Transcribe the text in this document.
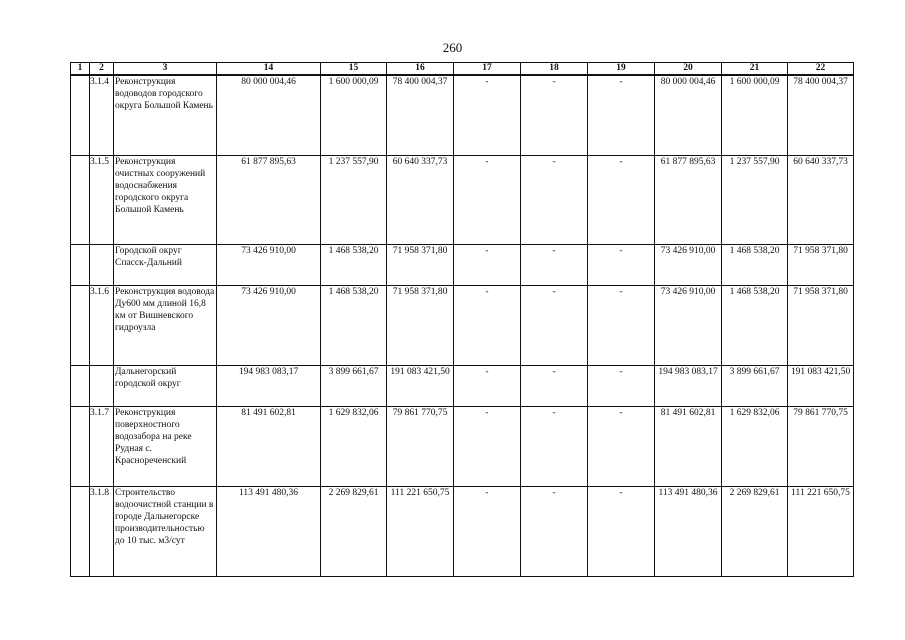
260
1	2	3	14	15	16	17	18	19	20	21	22
	3.1.4	Реконструкция водоводов городского округа Большой Камень	80 000 004,46	1 600 000,09	78 400 004,37	-	-	-	80 000 004,46	1 600 000,09	78 400 004,37
	3.1.5	Реконструкция очистных сооружений водоснабжения городского округа Большой Камень	61 877 895,63	1 237 557,90	60 640 337,73	-	-	-	61 877 895,63	1 237 557,90	60 640 337,73
		Городской округ Спасск-Дальний	73 426 910,00	1 468 538,20	71 958 371,80	-	-	-	73 426 910,00	1 468 538,20	71 958 371,80
	3.1.6	Реконструкция водовода Ду600 мм длиной 16,8 км от Вишневского гидроузла	73 426 910,00	1 468 538,20	71 958 371,80	-	-	-	73 426 910,00	1 468 538,20	71 958 371,80
		Дальнегорский городской округ	194 983 083,17	3 899 661,67	191 083 421,50	-	-	-	194 983 083,17	3 899 661,67	191 083 421,50
	3.1.7	Реконструкция поверхностного водозабора на реке Рудная с. Краснореченский	81 491 602,81	1 629 832,06	79 861 770,75	-	-	-	81 491 602,81	1 629 832,06	79 861 770,75
	3.1.8	Строительство водоочистной станции в городе Дальнегорске производительностью до 10 тыс. м3/сут	113 491 480,36	2 269 829,61	111 221 650,75	-	-	-	113 491 480,36	2 269 829,61	111 221 650,75
